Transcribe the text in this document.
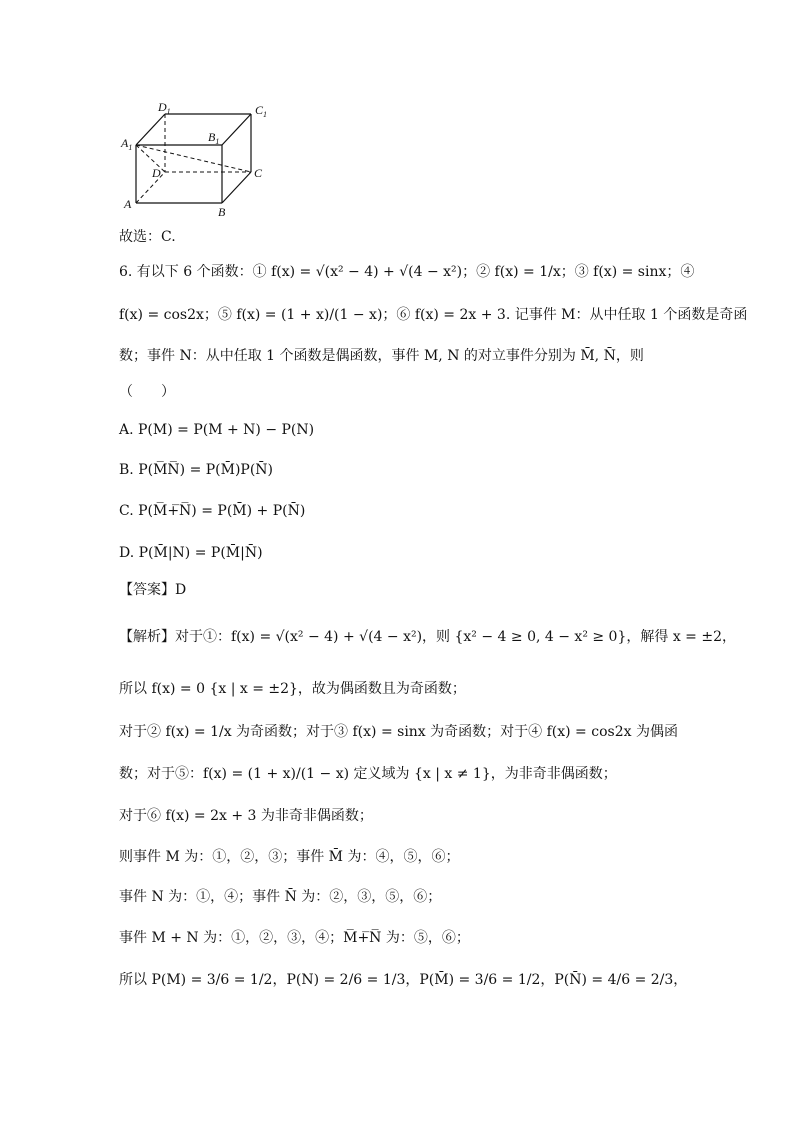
$D_1$	$C_1$
$B_1$
$A_1$
D	C
A
B
故选：C.
6. 有以下 6 个函数：① f(x) = √(x² − 4) + √(4 − x²)；② f(x) = 1/x；③ f(x) = sinx；④
f(x) = cos2x；⑤ f(x) = (1 + x)/(1 − x)；⑥ f(x) = 2x + 3. 记事件 M：从中任取 1 个函数是奇函
数；事件 N：从中任取 1 个函数是偶函数，事件 M, N 的对立事件分别为 M̄, N̄，则
（　　）
A. P(M) = P(M + N) − P(N)
B. P(M̅N̅) = P(M̄)P(N̄)
C. P(M̅+̅N̅) = P(M̄) + P(N̄)
D. P(M̄|N) = P(M̄|N̄)
【答案】D
【解析】对于①：f(x) = √(x² − 4) + √(4 − x²)，则 {x² − 4 ≥ 0, 4 − x² ≥ 0}，解得 x = ±2，
所以 f(x) = 0 {x | x = ±2}，故为偶函数且为奇函数；
对于② f(x) = 1/x 为奇函数；对于③ f(x) = sinx 为奇函数；对于④ f(x) = cos2x 为偶函
数；对于⑤：f(x) = (1 + x)/(1 − x) 定义域为 {x | x ≠ 1}，为非奇非偶函数；
对于⑥ f(x) = 2x + 3 为非奇非偶函数；
则事件 M 为：①，②，③；事件 M̄ 为：④，⑤，⑥；
事件 N 为：①，④；事件 N̄ 为：②，③，⑤，⑥；
事件 M + N 为：①，②，③，④；M̅+̅N̅ 为：⑤，⑥；
所以 P(M) = 3/6 = 1/2，P(N) = 2/6 = 1/3，P(M̄) = 3/6 = 1/2，P(N̄) = 4/6 = 2/3，
